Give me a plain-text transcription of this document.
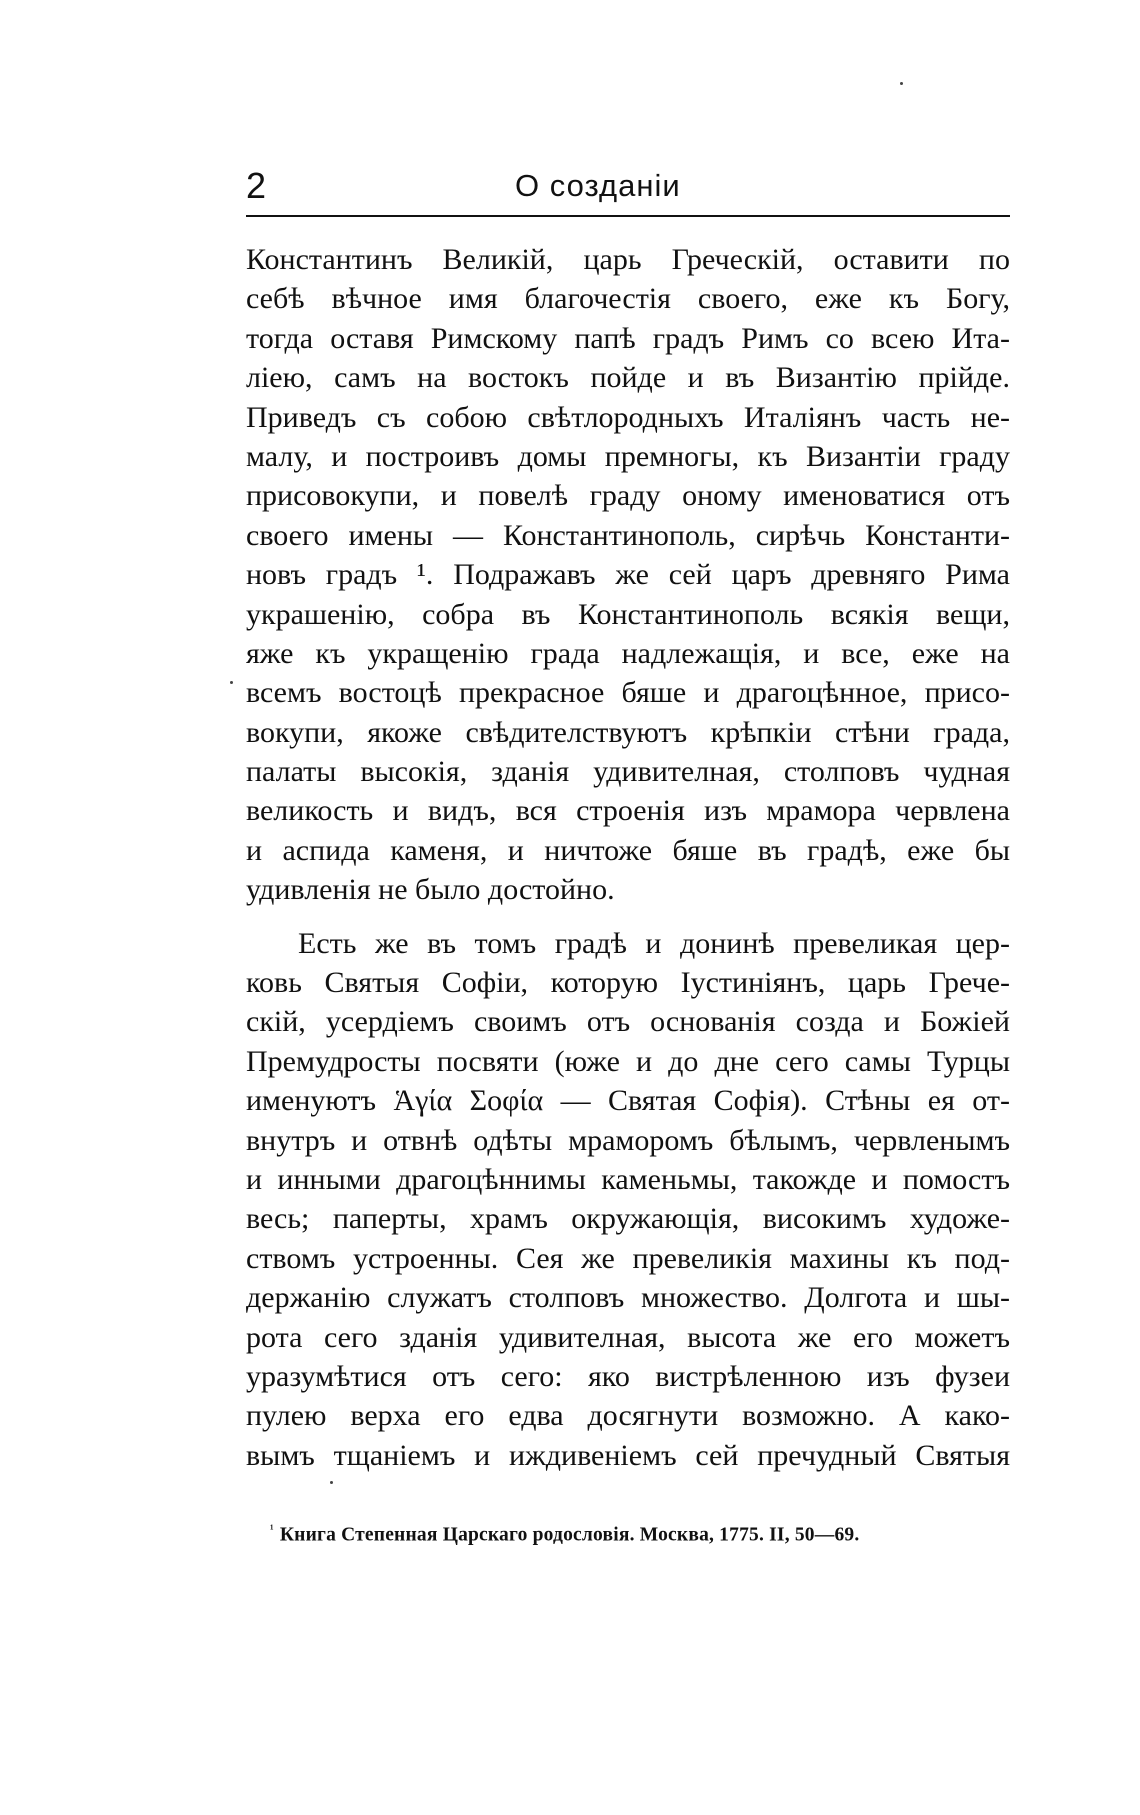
2	О созданіи
Константинъ Великій, царь Греческій, оставити по
себѣ вѣчное имя благочестія своего, еже къ Богу,
тогда оставя Римскому папѣ градъ Римъ со всею Ита-
ліею, самъ на востокъ пойде и въ Византію прійде.
Приведъ съ собою свѣтлородныхъ Италіянъ часть не-
малу, и построивъ домы премногы, къ Византіи граду
присовокупи, и повелѣ граду оному именоватися отъ
своего имены — Константинополь, сирѣчь Константи-
новъ градъ ¹. Подражавъ же сей царъ древняго Рима
украшенію, собра въ Константинополь всякія вещи,
яже къ укращенію града надлежащія, и все, еже на
всемъ востоцѣ прекрасное бяше и драгоцѣнное, присо-
вокупи, якоже свѣдителствуютъ крѣпкіи стѣни града,
палаты высокія, зданія удивителная, столповъ чудная
великость и видъ, вся строенія изъ мрамора червлена
и аспида каменя, и ничтоже бяше въ градѣ, еже бы
удивленія не было достойно.
Есть же въ томъ градѣ и донинѣ превеликая цер-
ковь Святыя Софіи, которую Іустиніянъ, царь Грече-
скій, усердіемъ своимъ отъ основанія созда и Божіей
Премудросты посвяти (юже и до дне сего самы Турцы
именуютъ Ἁγία Σοφία — Святая Софія). Стѣны ея от-
внутръ и отвнѣ одѣты мраморомъ бѣлымъ, червленымъ
и инными драгоцѣннимы каменьмы, такожде и помостъ
весь; паперты, храмъ окружающія, високимъ художе-
ствомъ устроенны. Сея же превеликія махины къ под-
держанію служатъ столповъ множество. Долгота и шы-
рота сего зданія удивителная, высота же его можетъ
уразумѣтися отъ сего: яко вистрѣленною изъ фузеи
пулею верха его едва досягнути возможно. А како-
вымъ тщаніемъ и иждивеніемъ сей пречудный Святыя
$^{^1}$ Книга Степенная Царскаго родословія. Москва, 1775. II, 50—69.
